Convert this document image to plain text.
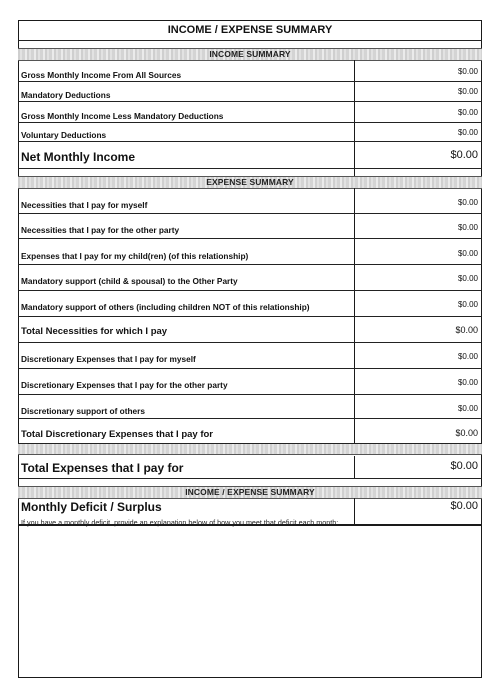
INCOME / EXPENSE SUMMARY
INCOME SUMMARY
Gross Monthly Income From All Sources	$0.00
Mandatory Deductions	$0.00
Gross Monthly Income Less Mandatory Deductions	$0.00
Voluntary Deductions	$0.00
Net Monthly Income	$0.00
EXPENSE SUMMARY
Necessities that I pay for myself	$0.00
Necessities that I pay for the other party	$0.00
Expenses that I pay for my child(ren) (of this relationship)	$0.00
Mandatory support (child & spousal) to the Other Party	$0.00
Mandatory support of others (including children NOT of this relationship)	$0.00
Total Necessities for which I pay	$0.00
Discretionary Expenses that I pay for myself	$0.00
Discretionary Expenses that I pay for the other party	$0.00
Discretionary support of others	$0.00
Total Discretionary Expenses that I pay for	$0.00
Total Expenses that I pay for	$0.00
INCOME / EXPENSE SUMMARY
Monthly Deficit / Surplus	$0.00
If you have a monthly deficit, provide an explanation below of how you meet that deficit each month:
